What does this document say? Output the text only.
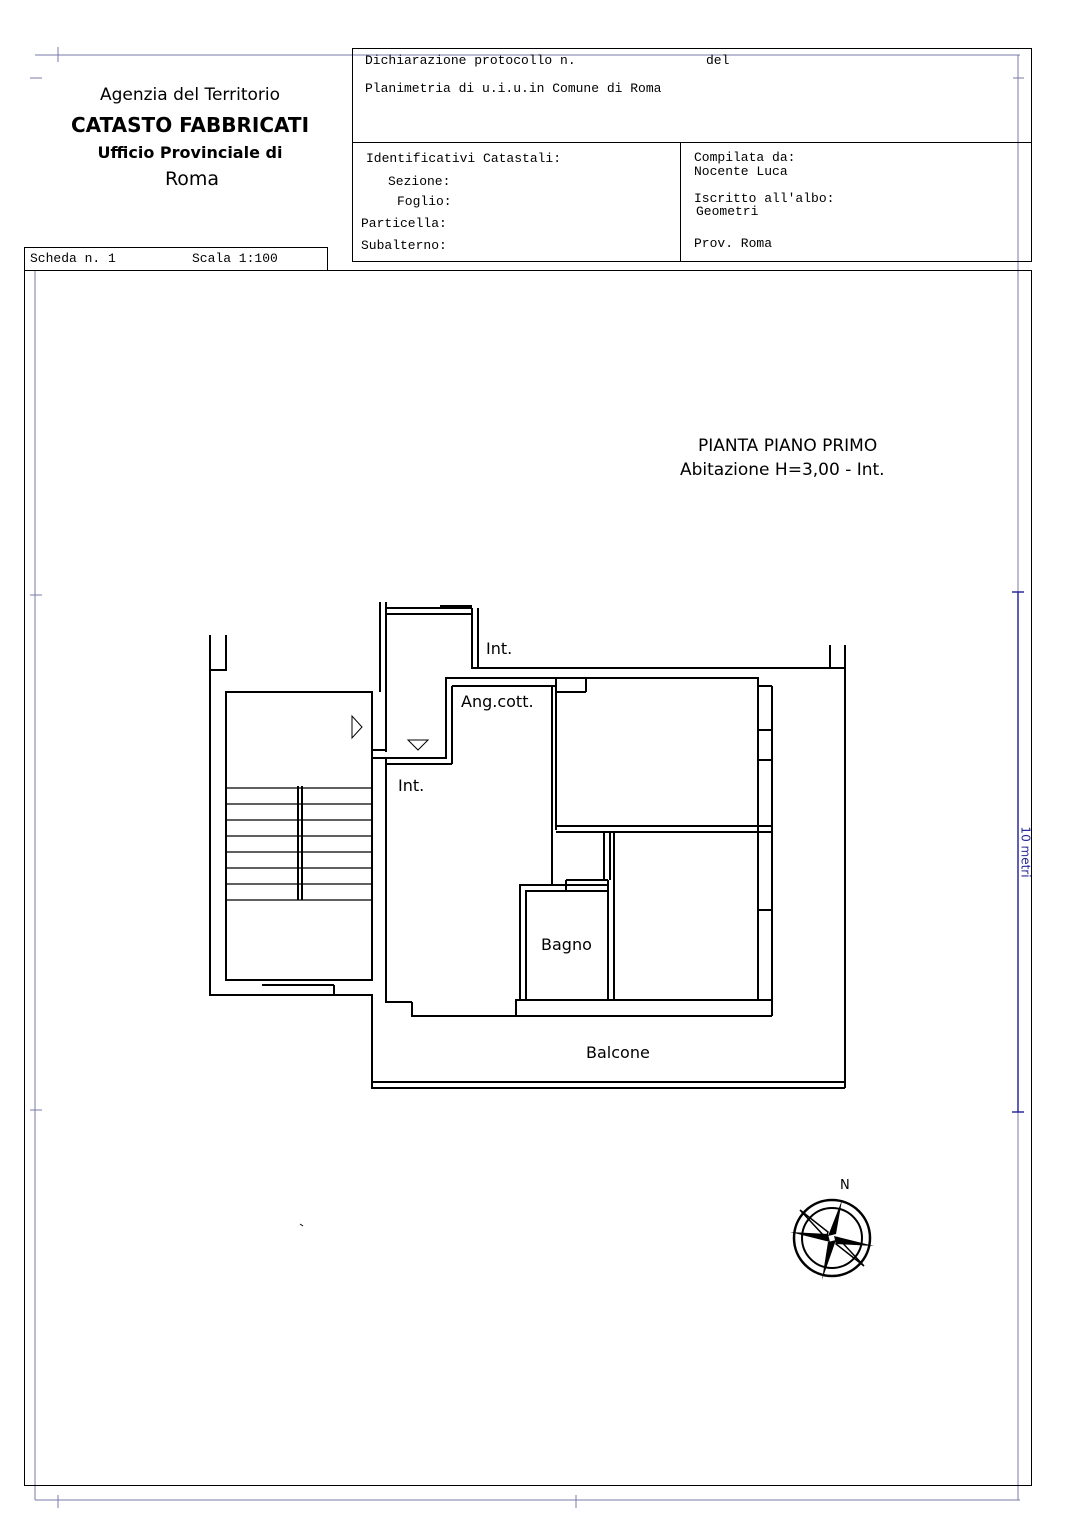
Agenzia del Territorio
CATASTO FABBRICATI
Ufficio Provinciale di
Roma
Scheda n. 1	Scala 1:100
Dichiarazione protocollo n.	del
Planimetria di u.i.u.in Comune di Roma
Identificativi Catastali:
Sezione:
Foglio:
Particella:
Subalterno:
Compilata da:
Nocente Luca
Iscritto all'albo:
Geometri
Prov. Roma
PIANTA PIANO PRIMO
Abitazione H=3,00 - Int.
Int.
Ang.cott.
Int.
Bagno
Balcone
10 metri
N
